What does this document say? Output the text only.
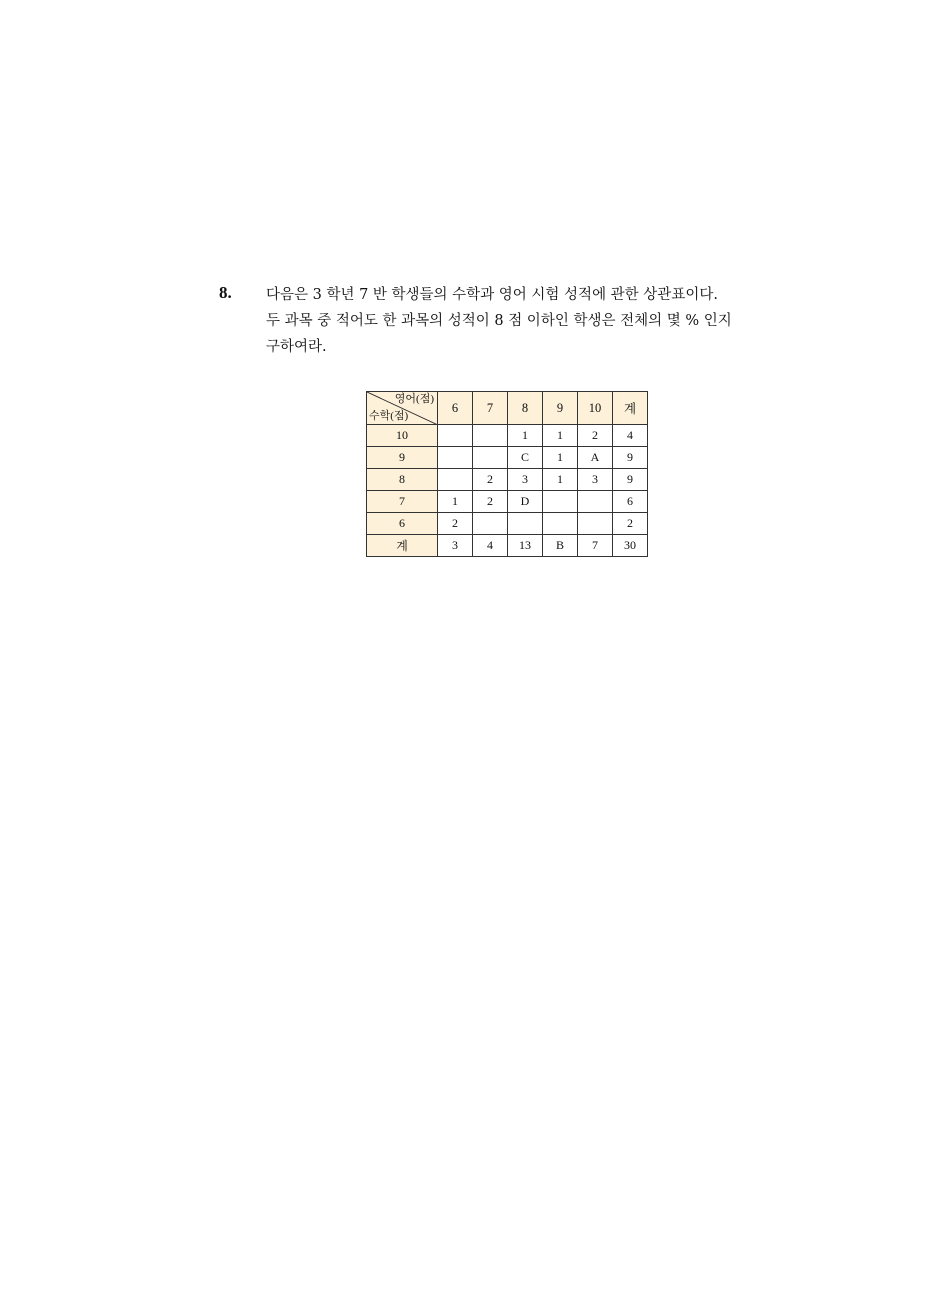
8. 다음은 3 학년 7 반 학생들의 수학과 영어 시험 성적에 관한 상관표이다.
두 과목 중 적어도 한 과목의 성적이 8 점 이하인 학생은 전체의 몇 % 인지
구하여라.
영어(점)
수학(점)	6	7	8	9	10	계
10			1	1	2	4
9			C	1	A	9
8		2	3	1	3	9
7	1	2	D			6
6	2					2
계	3	4	13	B	7	30
